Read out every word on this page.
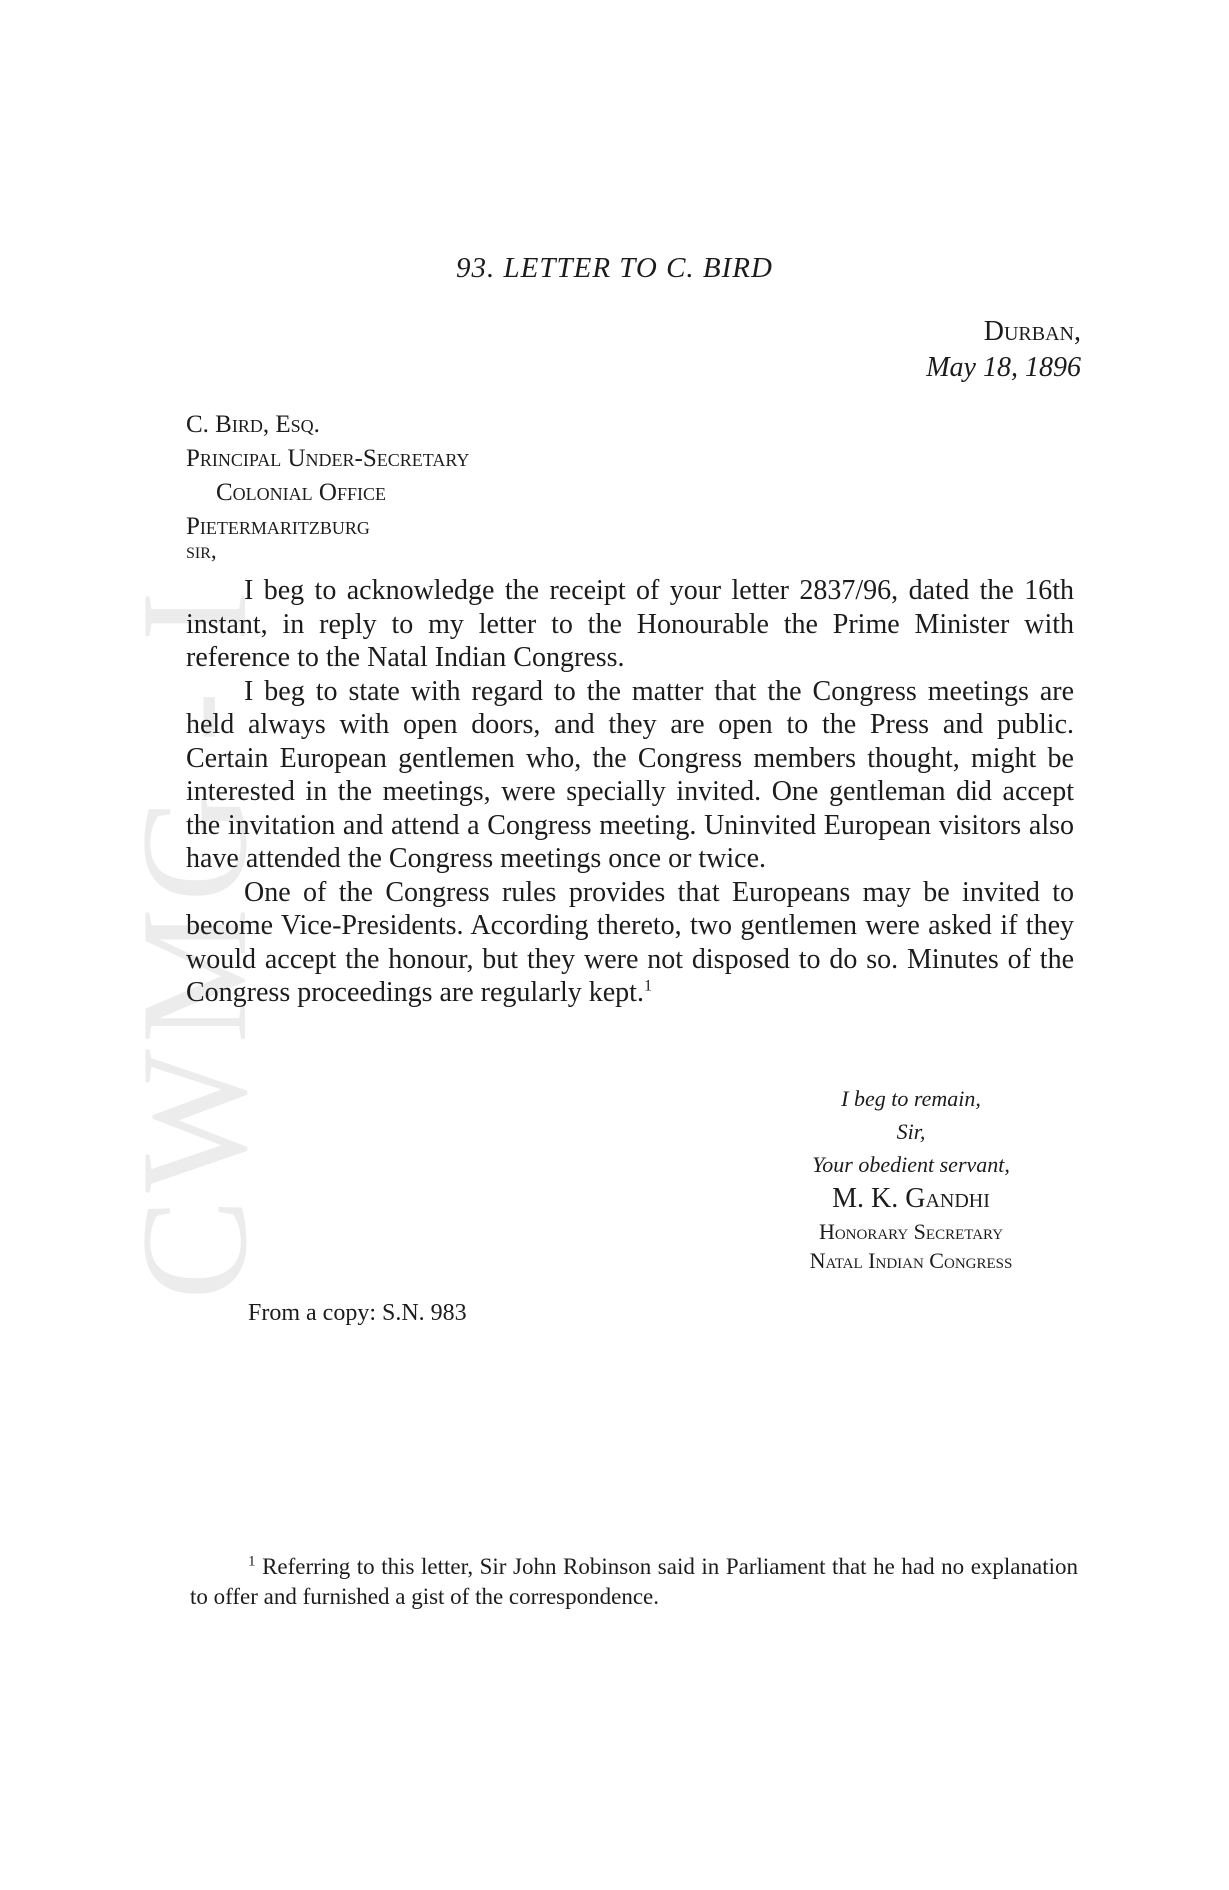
CWMG - I
93. LETTER TO C. BIRD
Durban,
May 18, 1896
C. Bird, Esq.
Principal Under-Secretary
Colonial Office
Pietermaritzburg
sir,

I beg to acknowledge the receipt of your letter 2837/96, dated the 16th instant, in reply to my letter to the Honourable the Prime Minister with reference to the Natal Indian Congress.

I beg to state with regard to the matter that the Congress meetings are held always with open doors, and they are open to the Press and public. Certain European gentlemen who, the Congress members thought, might be interested in the meetings, were specially invited. One gentleman did accept the invitation and attend a Congress meeting. Uninvited European visitors also have attended the Congress meetings once or twice.

One of the Congress rules provides that Europeans may be invited to become Vice-Presidents. According thereto, two gentlemen were asked if they would accept the honour, but they were not disposed to do so. Minutes of the Congress proceedings are regularly kept.$^1$

I beg to remain,
Sir,
Your obedient servant,
M. K. Gandhi
Honorary Secretary
Natal Indian Congress
From a copy: S.N. 983

$^1$ Referring to this letter, Sir John Robinson said in Parliament that he had no explanation to offer and furnished a gist of the correspondence.
